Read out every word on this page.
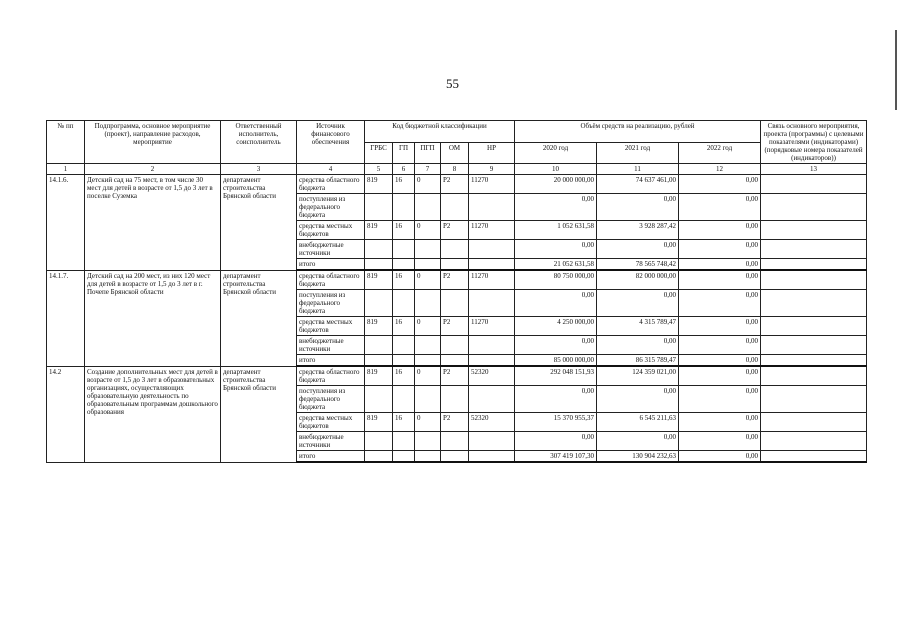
55
№ пп	Подпрограмма, основное мероприятие (проект), направление расходов, мероприятие	Ответственный исполнитель, соисполнитель	Источник финансового обеспечения	Код бюджетной классификации					Объём средств на реализацию, рублей			Связь основного мероприятия, проекта (программы) с целевыми показателями (индикаторами) (порядковые номера показателей (индикаторов))
				ГРБС	ГП	ПГП	ОМ	НР	2020 год	2021 год	2022 год	
1	2	3	4	5	6	7	8	9	10	11	12	13
14.1.6.	Детский сад на 75 мест, в том числе 30 мест для детей в возрасте от 1,5 до 3 лет в поселке Суземка	департамент строительства Брянской области	средства областного бюджета	819	16	0	Р2	11270	20 000 000,00	74 637 461,00	0,00	
			поступления из федерального бюджета						0,00	0,00	0,00	
			средства местных бюджетов	819	16	0	Р2	11270	1 052 631,58	3 928 287,42	0,00	
			внебюджетные источники						0,00	0,00	0,00	
			итого						21 052 631,58	78 565 748,42	0,00	
14.1.7.	Детский сад на 200 мест, из них 120 мест для детей в возрасте от 1,5 до 3 лет в г. Почепе Брянской области	департамент строительства Брянской области	средства областного бюджета	819	16	0	Р2	11270	80 750 000,00	82 000 000,00	0,00	
			поступления из федерального бюджета						0,00	0,00	0,00	
			средства местных бюджетов	819	16	0	Р2	11270	4 250 000,00	4 315 789,47	0,00	
			внебюджетные источники						0,00	0,00	0,00	
			итого						85 000 000,00	86 315 789,47	0,00	
14.2	Создание дополнительных мест для детей в возрасте от 1,5 до 3 лет в образовательных организациях, осуществляющих образовательную деятельность по образовательным программам дошкольного образования	департамент строительства Брянской области	средства областного бюджета	819	16	0	Р2	52320	292 048 151,93	124 359 021,00	0,00	
			поступления из федерального бюджета						0,00	0,00	0,00	
			средства местных бюджетов	819	16	0	Р2	52320	15 370 955,37	6 545 211,63	0,00	
			внебюджетные источники						0,00	0,00	0,00	
			итого						307 419 107,30	130 904 232,63	0,00	
